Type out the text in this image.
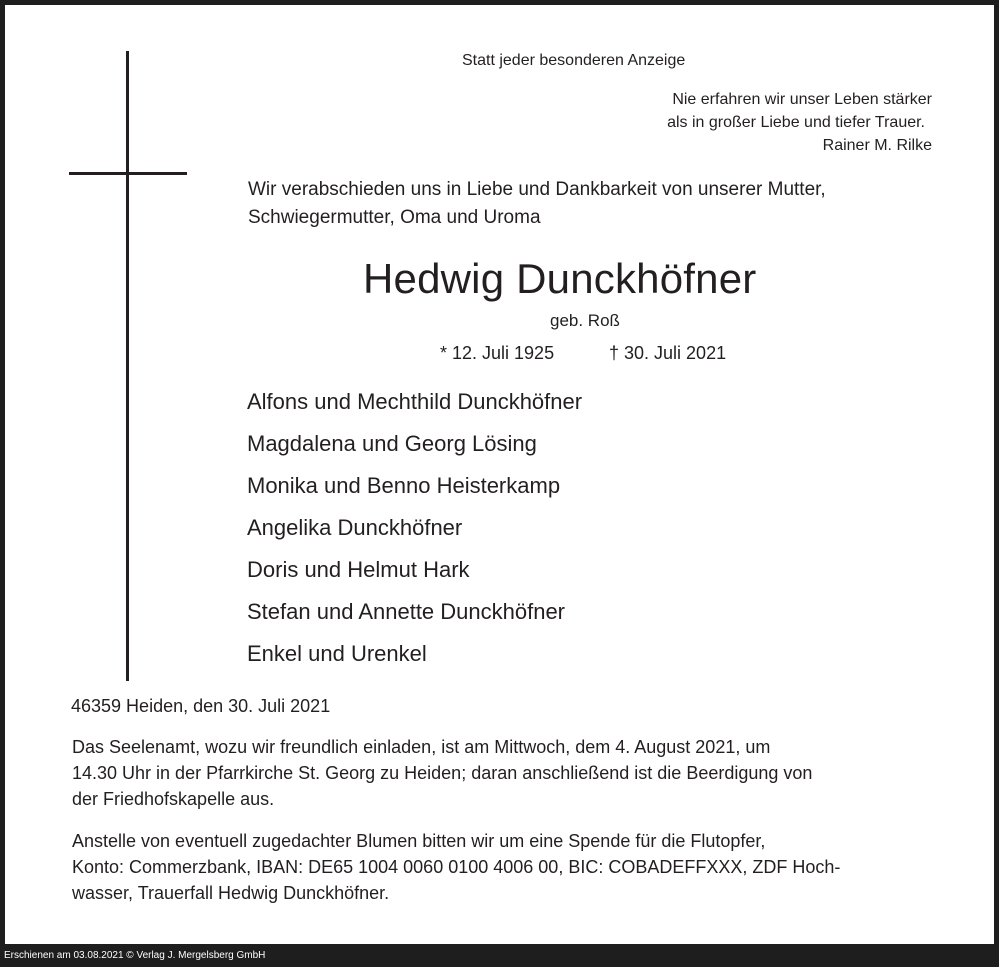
Statt jeder besonderen Anzeige
Nie erfahren wir unser Leben stärker
als in großer Liebe und tiefer Trauer.
Rainer M. Rilke
Wir verabschieden uns in Liebe und Dankbarkeit von unserer Mutter,
Schwiegermutter, Oma und Uroma
Hedwig Dunckhöfner
geb. Roß
* 12. Juli 1925	† 30. Juli 2021
Alfons und Mechthild Dunckhöfner
Magdalena und Georg Lösing
Monika und Benno Heisterkamp
Angelika Dunckhöfner
Doris und Helmut Hark
Stefan und Annette Dunckhöfner
Enkel und Urenkel
46359 Heiden, den 30. Juli 2021
Das Seelenamt, wozu wir freundlich einladen, ist am Mittwoch, dem 4. August 2021, um
14.30 Uhr in der Pfarrkirche St. Georg zu Heiden; daran anschließend ist die Beerdigung von
der Friedhofskapelle aus.
Anstelle von eventuell zugedachter Blumen bitten wir um eine Spende für die Flutopfer,
Konto: Commerzbank, IBAN: DE65 1004 0060 0100 4006 00, BIC: COBADEFFXXX, ZDF Hoch-
wasser, Trauerfall Hedwig Dunckhöfner.
Erschienen am 03.08.2021 © Verlag J. Mergelsberg GmbH
